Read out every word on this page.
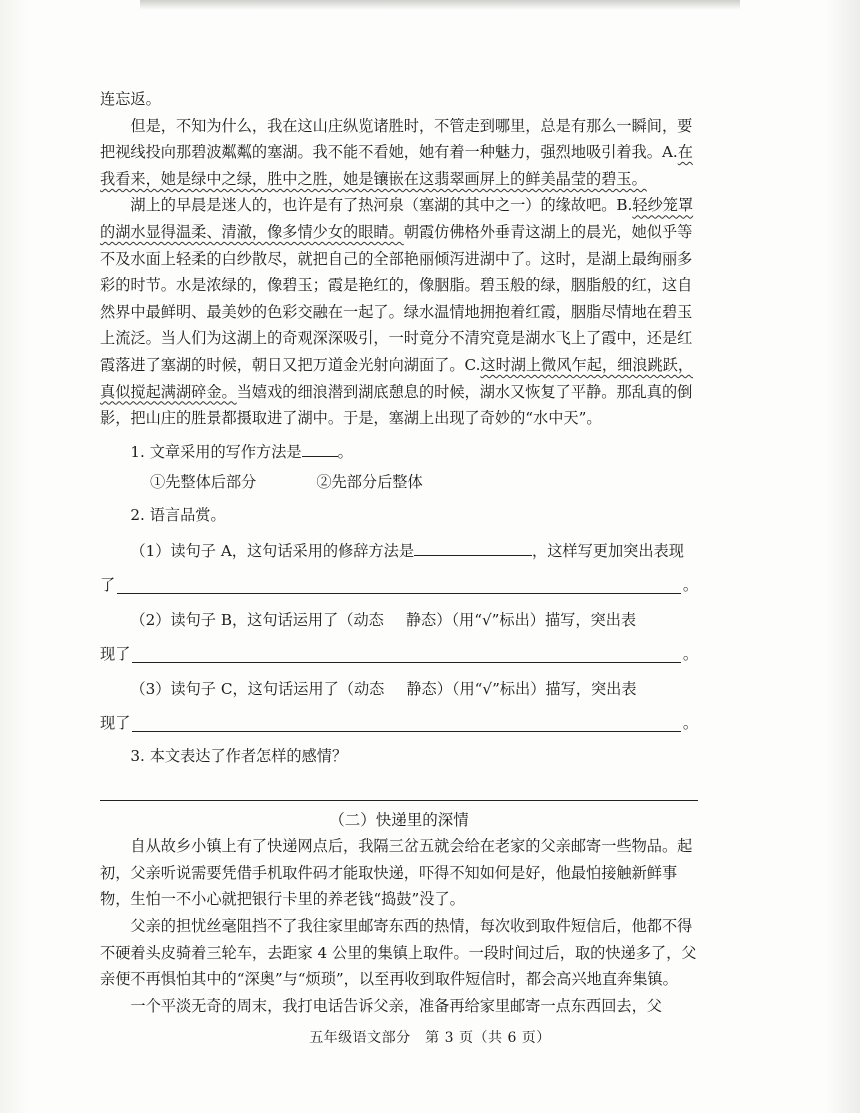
连忘返。

但是，不知为什么，我在这山庄纵览诸胜时，不管走到哪里，总是有那么一瞬间，要把视线投向那碧波粼粼的塞湖。我不能不看她，她有着一种魅力，强烈地吸引着我。A.在我看来，她是绿中之绿，胜中之胜，她是镶嵌在这翡翠画屏上的鲜美晶莹的碧玉。

湖上的早晨是迷人的，也许是有了热河泉（塞湖的其中之一）的缘故吧。B.轻纱笼罩的湖水显得温柔、清澈，像多情少女的眼睛。朝霞仿佛格外垂青这湖上的晨光，她似乎等不及水面上轻柔的白纱散尽，就把自己的全部艳丽倾泻进湖中了。这时，是湖上最绚丽多彩的时节。水是浓绿的，像碧玉；霞是艳红的，像胭脂。碧玉般的绿，胭脂般的红，这自然界中最鲜明、最美妙的色彩交融在一起了。绿水温情地拥抱着红霞，胭脂尽情地在碧玉上流泛。当人们为这湖上的奇观深深吸引，一时竟分不清究竟是湖水飞上了霞中，还是红霞落进了塞湖的时候，朝日又把万道金光射向湖面了。C.这时湖上微风乍起，细浪跳跃，真似搅起满湖碎金。当嬉戏的细浪潜到湖底憩息的时候，湖水又恢复了平静。那乱真的倒影，把山庄的胜景都摄取进了湖中。于是，塞湖上出现了奇妙的“水中天”。

1. 文章采用的写作方法是 。

①先整体后部分	②先部分后整体

2. 语言品赏。

（1）读句子 A，这句话采用的修辞方法是	，这样写更加突出表现

了	。

（2）读句子 B，这句话运用了（动态 静态）（用“√”标出）描写，突出表

现了	。

（3）读句子 C，这句话运用了（动态 静态）（用“√”标出）描写，突出表

现了	。

3. 本文表达了作者怎样的感情？

（二）快递里的深情

自从故乡小镇上有了快递网点后，我隔三岔五就会给在老家的父亲邮寄一些物品。起初，父亲听说需要凭借手机取件码才能取快递，吓得不知如何是好，他最怕接触新鲜事物，生怕一不小心就把银行卡里的养老钱“捣鼓”没了。

父亲的担忧丝毫阻挡不了我往家里邮寄东西的热情，每次收到取件短信后，他都不得不硬着头皮骑着三轮车，去距家 4 公里的集镇上取件。一段时间过后，取的快递多了，父亲便不再惧怕其中的“深奥”与“烦琐”，以至再收到取件短信时，都会高兴地直奔集镇。

一个平淡无奇的周末，我打电话告诉父亲，准备再给家里邮寄一点东西回去，父

五年级语文部分　第 3 页（共 6 页）
